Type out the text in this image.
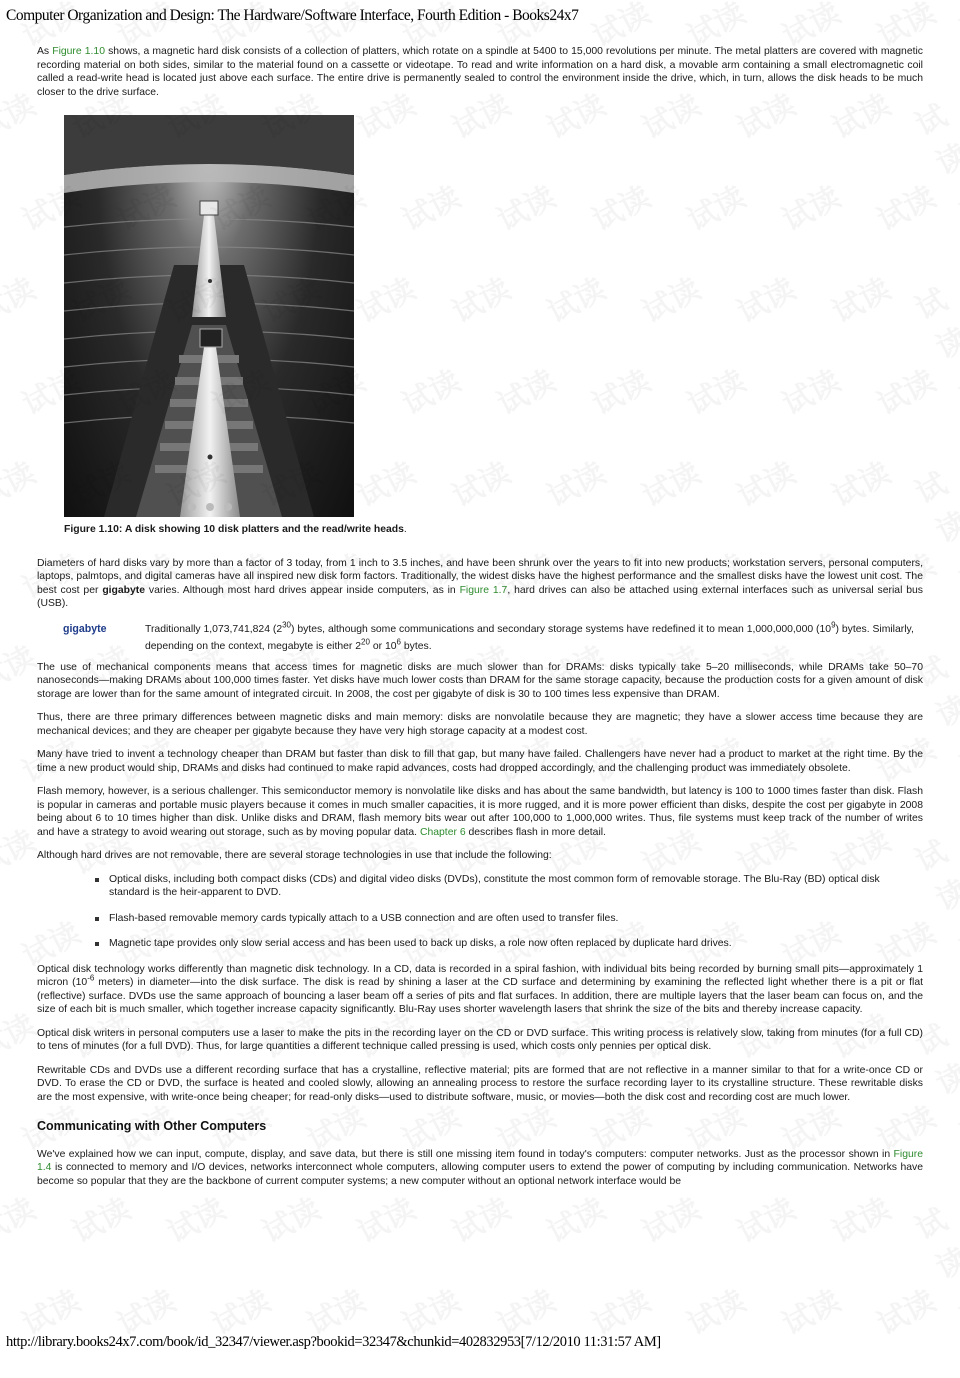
Computer Organization and Design: The Hardware/Software Interface, Fourth Edition - Books24x7

As Figure 1.10 shows, a magnetic hard disk consists of a collection of platters, which rotate on a spindle at 5400 to 15,000 revolutions per minute. The metal platters are covered with magnetic recording material on both sides, similar to the material found on a cassette or videotape. To read and write information on a hard disk, a movable arm containing a small electromagnetic coil called a read-write head is located just above each surface. The entire drive is permanently sealed to control the environment inside the drive, which, in turn, allows the disk heads to be much closer to the drive surface.

Figure 1.10: A disk showing 10 disk platters and the read/write heads.

Diameters of hard disks vary by more than a factor of 3 today, from 1 inch to 3.5 inches, and have been shrunk over the years to fit into new products; workstation servers, personal computers, laptops, palmtops, and digital cameras have all inspired new disk form factors. Traditionally, the widest disks have the highest performance and the smallest disks have the lowest unit cost. The best cost per gigabyte varies. Although most hard drives appear inside computers, as in Figure 1.7, hard drives can also be attached using external interfaces such as universal serial bus (USB).

gigabyte	Traditionally 1,073,741,824 $(2^{30})$ bytes, although some communications and secondary storage systems have redefined it to mean 1,000,000,000 $(10^9)$ bytes. Similarly, depending on the context, megabyte is either $2^{20}$ or $10^6$ bytes.

The use of mechanical components means that access times for magnetic disks are much slower than for DRAMs: disks typically take 5–20 milliseconds, while DRAMs take 50–70 nanoseconds—making DRAMs about 100,000 times faster. Yet disks have much lower costs than DRAM for the same storage capacity, because the production costs for a given amount of disk storage are lower than for the same amount of integrated circuit. In 2008, the cost per gigabyte of disk is 30 to 100 times less expensive than DRAM.

Thus, there are three primary differences between magnetic disks and main memory: disks are nonvolatile because they are magnetic; they have a slower access time because they are mechanical devices; and they are cheaper per gigabyte because they have very high storage capacity at a modest cost.

Many have tried to invent a technology cheaper than DRAM but faster than disk to fill that gap, but many have failed. Challengers have never had a product to market at the right time. By the time a new product would ship, DRAMs and disks had continued to make rapid advances, costs had dropped accordingly, and the challenging product was immediately obsolete.

Flash memory, however, is a serious challenger. This semiconductor memory is nonvolatile like disks and has about the same bandwidth, but latency is 100 to 1000 times faster than disk. Flash is popular in cameras and portable music players because it comes in much smaller capacities, it is more rugged, and it is more power efficient than disks, despite the cost per gigabyte in 2008 being about 6 to 10 times higher than disk. Unlike disks and DRAM, flash memory bits wear out after 100,000 to 1,000,000 writes. Thus, file systems must keep track of the number of writes and have a strategy to avoid wearing out storage, such as by moving popular data. Chapter 6 describes flash in more detail.

Although hard drives are not removable, there are several storage technologies in use that include the following:

Optical disks, including both compact disks (CDs) and digital video disks (DVDs), constitute the most common form of removable storage. The Blu-Ray (BD) optical disk standard is the heir-apparent to DVD.
Flash-based removable memory cards typically attach to a USB connection and are often used to transfer files.
Magnetic tape provides only slow serial access and has been used to back up disks, a role now often replaced by duplicate hard drives.

Optical disk technology works differently than magnetic disk technology. In a CD, data is recorded in a spiral fashion, with individual bits being recorded by burning small pits—approximately 1 micron ($10^{-6}$ meters) in diameter—into the disk surface. The disk is read by shining a laser at the CD surface and determining by examining the reflected light whether there is a pit or flat (reflective) surface. DVDs use the same approach of bouncing a laser beam off a series of pits and flat surfaces. In addition, there are multiple layers that the laser beam can focus on, and the size of each bit is much smaller, which together increase capacity significantly. Blu-Ray uses shorter wavelength lasers that shrink the size of the bits and thereby increase capacity.

Optical disk writers in personal computers use a laser to make the pits in the recording layer on the CD or DVD surface. This writing process is relatively slow, taking from minutes (for a full CD) to tens of minutes (for a full DVD). Thus, for large quantities a different technique called pressing is used, which costs only pennies per optical disk.

Rewritable CDs and DVDs use a different recording surface that has a crystalline, reflective material; pits are formed that are not reflective in a manner similar to that for a write-once CD or DVD. To erase the CD or DVD, the surface is heated and cooled slowly, allowing an annealing process to restore the surface recording layer to its crystalline structure. These rewritable disks are the most expensive, with write-once being cheaper; for read-only disks—used to distribute software, music, or movies—both the disk cost and recording cost are much lower.

Communicating with Other Computers

We've explained how we can input, compute, display, and save data, but there is still one missing item found in today's computers: computer networks. Just as the processor shown in Figure 1.4 is connected to memory and I/O devices, networks interconnect whole computers, allowing computer users to extend the power of computing by including communication. Networks have become so popular that they are the backbone of current computer systems; a new computer without an optional network interface would be

http://library.books24x7.com/book/id_32347/viewer.asp?bookid=32347&chunkid=402832953[7/12/2010 11:31:57 AM]
